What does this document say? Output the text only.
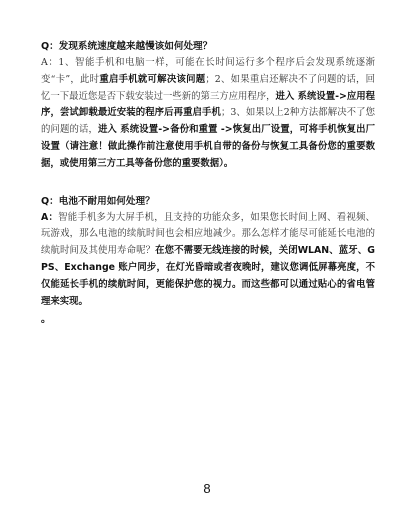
Q：发现系统速度越来越慢该如何处理？

A：1、智能手机和电脑一样，可能在长时间运行多个程序后会发现系统逐渐变“卡”，此时重启手机就可解决该问题；2、如果重启还解决不了问题的话，回忆一下最近您是否下载安装过一些新的第三方应用程序，进入 系统设置->应用程序，尝试卸载最近安装的程序后再重启手机；3、如果以上2种方法都解决不了您的问题的话，进入 系统设置->备份和重置 ->恢复出厂设置，可将手机恢复出厂设置（请注意！做此操作前注意使用手机自带的备份与恢复工具备份您的重要数据，或使用第三方工具等备份您的重要数据）。

Q：电池不耐用如何处理？

A：智能手机多为大屏手机，且支持的功能众多，如果您长时间上网、看视频、玩游戏，那么电池的续航时间也会相应地减少。那么怎样才能尽可能延长电池的续航时间及其使用寿命呢？在您不需要无线连接的时候，关闭WLAN、蓝牙、GPS、Exchange 账户同步，在灯光昏暗或者夜晚时，建议您调低屏幕亮度，不仅能延长手机的续航时间，更能保护您的视力。而这些都可以通过贴心的省电管理来实现。

。
8
